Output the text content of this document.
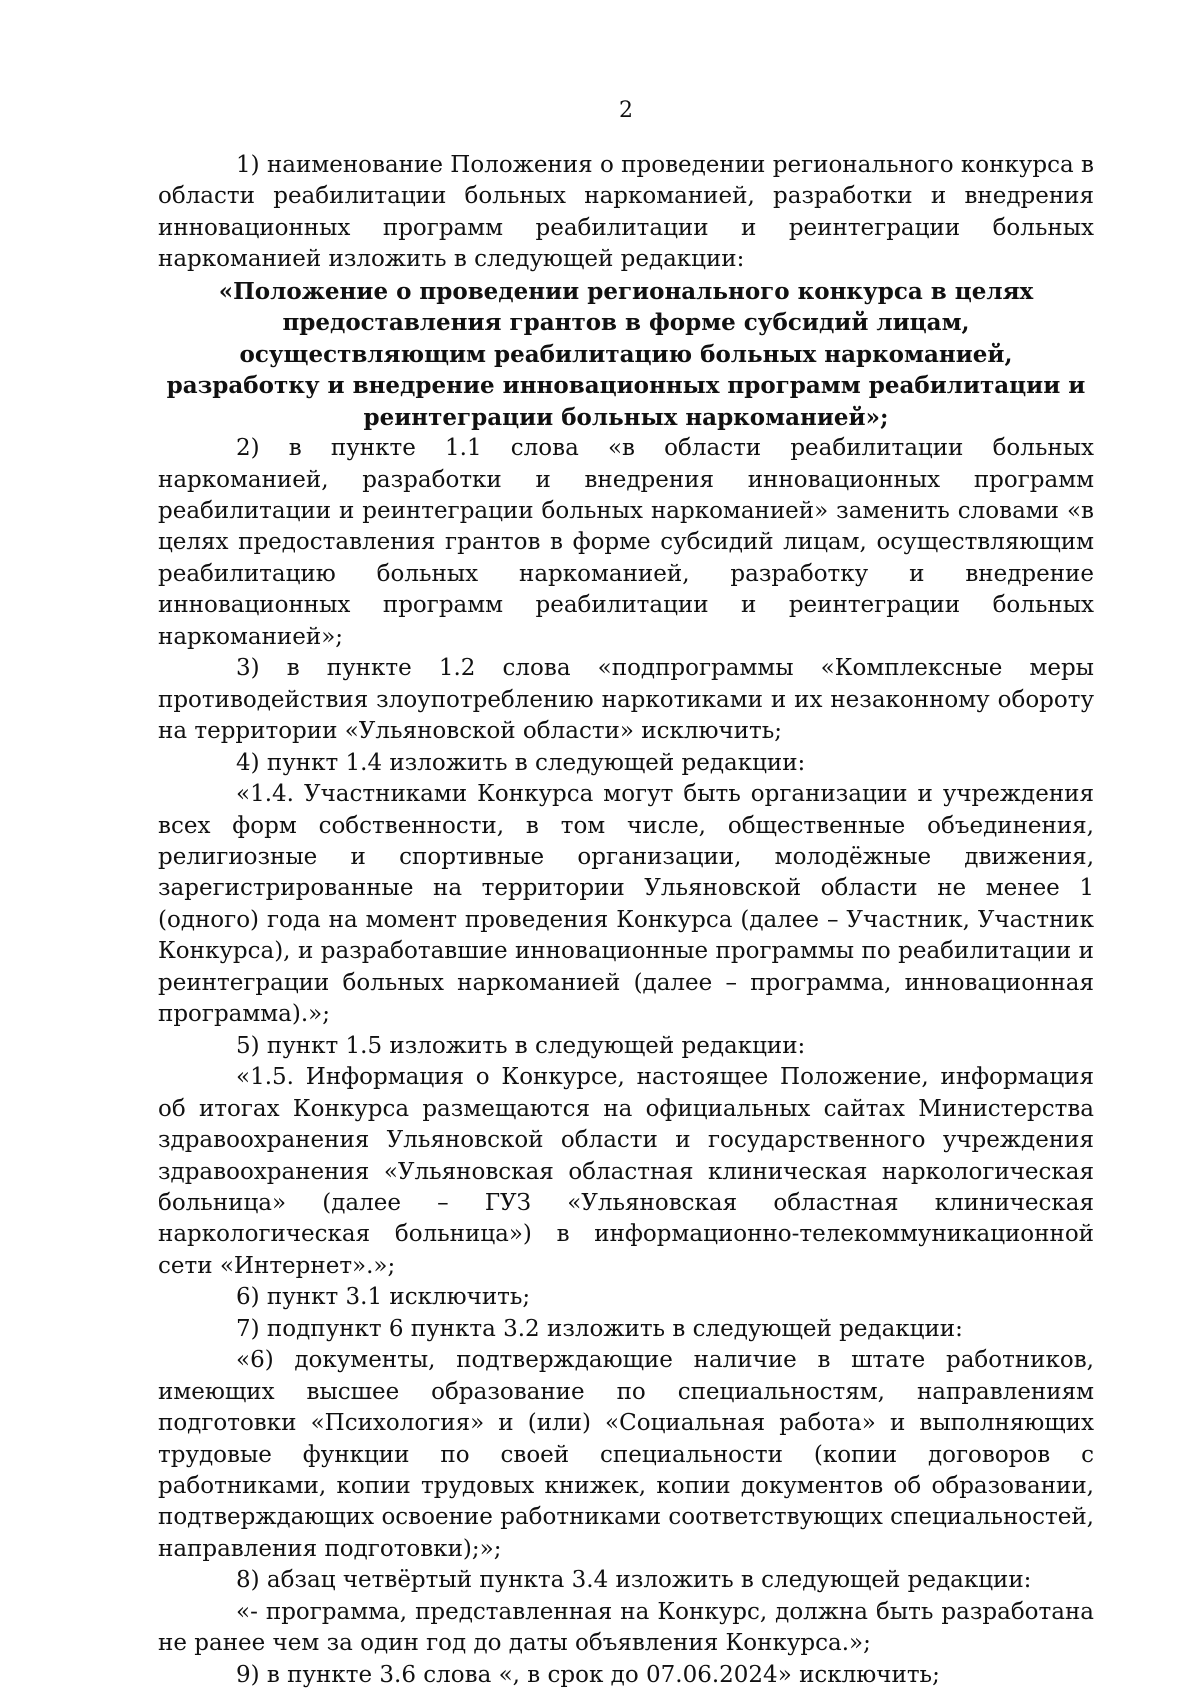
2

1) наименование Положения о проведении регионального конкурса в области реабилитации больных наркоманией, разработки и внедрения инновационных программ реабилитации и реинтеграции больных наркоманией изложить в следующей редакции:

«Положение о проведении регионального конкурса в целях предоставления грантов в форме субсидий лицам, осуществляющим реабилитацию больных наркоманией, разработку и внедрение инновационных программ реабилитации и реинтеграции больных наркоманией»;

2) в пункте 1.1 слова «в области реабилитации больных наркоманией, разработки и внедрения инновационных программ реабилитации и реинтеграции больных наркоманией» заменить словами «в целях предоставления грантов в форме субсидий лицам, осуществляющим реабилитацию больных наркоманией, разработку и внедрение инновационных программ реабилитации и реинтеграции больных наркоманией»;

3) в пункте 1.2 слова «подпрограммы «Комплексные меры противодействия злоупотреблению наркотиками и их незаконному обороту на территории «Ульяновской области» исключить;

4) пункт 1.4 изложить в следующей редакции:

«1.4. Участниками Конкурса могут быть организации и учреждения всех форм собственности, в том числе, общественные объединения, религиозные и спортивные организации, молодёжные движения, зарегистрированные на территории Ульяновской области не менее 1 (одного) года на момент проведения Конкурса (далее – Участник, Участник Конкурса), и разработавшие инновационные программы по реабилитации и реинтеграции больных наркоманией (далее – программа, инновационная программа).»;

5) пункт 1.5 изложить в следующей редакции:

«1.5. Информация о Конкурсе, настоящее Положение, информация об итогах Конкурса размещаются на официальных сайтах Министерства здравоохранения Ульяновской области и государственного учреждения здравоохранения «Ульяновская областная клиническая наркологическая больница» (далее – ГУЗ «Ульяновская областная клиническая наркологическая больница») в информационно-телекоммуникационной сети «Интернет».»;

6) пункт 3.1 исключить;

7) подпункт 6 пункта 3.2 изложить в следующей редакции:

«6) документы, подтверждающие наличие в штате работников, имеющих высшее образование по специальностям, направлениям подготовки «Психология» и (или) «Социальная работа» и выполняющих трудовые функции по своей специальности (копии договоров с работниками, копии трудовых книжек, копии документов об образовании, подтверждающих освоение работниками соответствующих специальностей, направления подготовки);»;

8) абзац четвёртый пункта 3.4 изложить в следующей редакции:

«- программа, представленная на Конкурс, должна быть разработана не ранее чем за один год до даты объявления Конкурса.»;

9) в пункте 3.6 слова «, в срок до 07.06.2024» исключить;
